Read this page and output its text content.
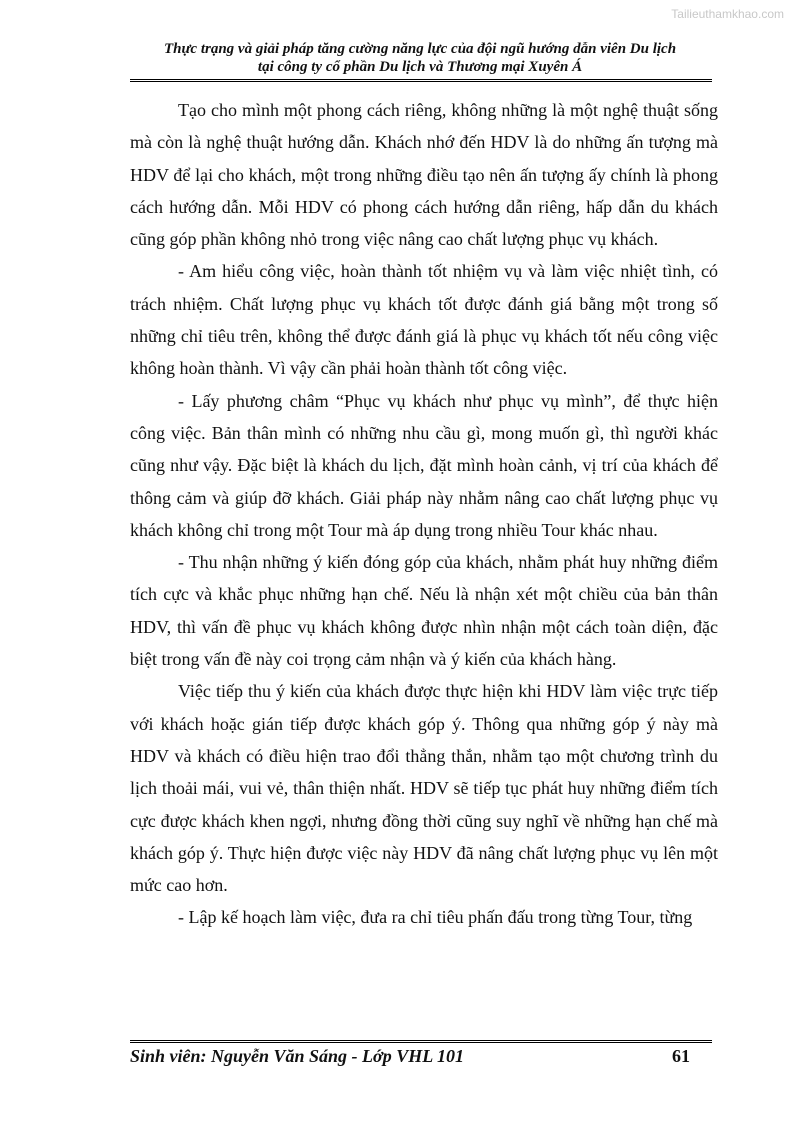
Tailieuthamkhao.com
Thực trạng và giải pháp tăng cường năng lực của đội ngũ hướng dẫn viên Du lịch
tại công ty cổ phần Du lịch và Thương mại Xuyên Á

Tạo cho mình một phong cách riêng, không những là một nghệ thuật sống mà còn là nghệ thuật hướng dẫn. Khách nhớ đến HDV là do những ấn tượng mà HDV để lại cho khách, một trong những điều tạo nên ấn tượng ấy chính là phong cách hướng dẫn. Mỗi HDV có phong cách hướng dẫn riêng, hấp dẫn du khách cũng góp phần không nhỏ trong việc nâng cao chất lượng phục vụ khách.

- Am hiểu công việc, hoàn thành tốt nhiệm vụ và làm việc nhiệt tình, có trách nhiệm. Chất lượng phục vụ khách tốt được đánh giá bằng một trong số những chỉ tiêu trên, không thể được đánh giá là phục vụ khách tốt nếu công việc không hoàn thành. Vì vậy cần phải hoàn thành tốt công việc.

- Lấy phương châm “Phục vụ khách như phục vụ mình”, để thực hiện công việc. Bản thân mình có những nhu cầu gì, mong muốn gì, thì người khác cũng như vậy. Đặc biệt là khách du lịch, đặt mình hoàn cảnh, vị trí của khách để thông cảm và giúp đỡ khách. Giải pháp này nhằm nâng cao chất lượng phục vụ khách không chỉ trong một Tour mà áp dụng trong nhiều Tour khác nhau.

- Thu nhận những ý kiến đóng góp của khách, nhằm phát huy những điểm tích cực và khắc phục những hạn chế. Nếu là nhận xét một chiều của bản thân HDV, thì vấn đề phục vụ khách không được nhìn nhận một cách toàn diện, đặc biệt trong vấn đề này coi trọng cảm nhận và ý kiến của khách hàng.

Việc tiếp thu ý kiến của khách được thực hiện khi HDV làm việc trực tiếp với khách hoặc gián tiếp được khách góp ý. Thông qua những góp ý này mà HDV và khách có điều hiện trao đổi thẳng thắn, nhằm tạo một chương trình du lịch thoải mái, vui vẻ, thân thiện nhất. HDV sẽ tiếp tục phát huy những điểm tích cực được khách khen ngợi, nhưng đồng thời cũng suy nghĩ về những hạn chế mà khách góp ý. Thực hiện được việc này HDV đã nâng chất lượng phục vụ lên một mức cao hơn.

- Lập kế hoạch làm việc, đưa ra chỉ tiêu phấn đấu trong từng Tour, từng

Sinh viên: Nguyễn Văn Sáng - Lớp VHL 101	61
